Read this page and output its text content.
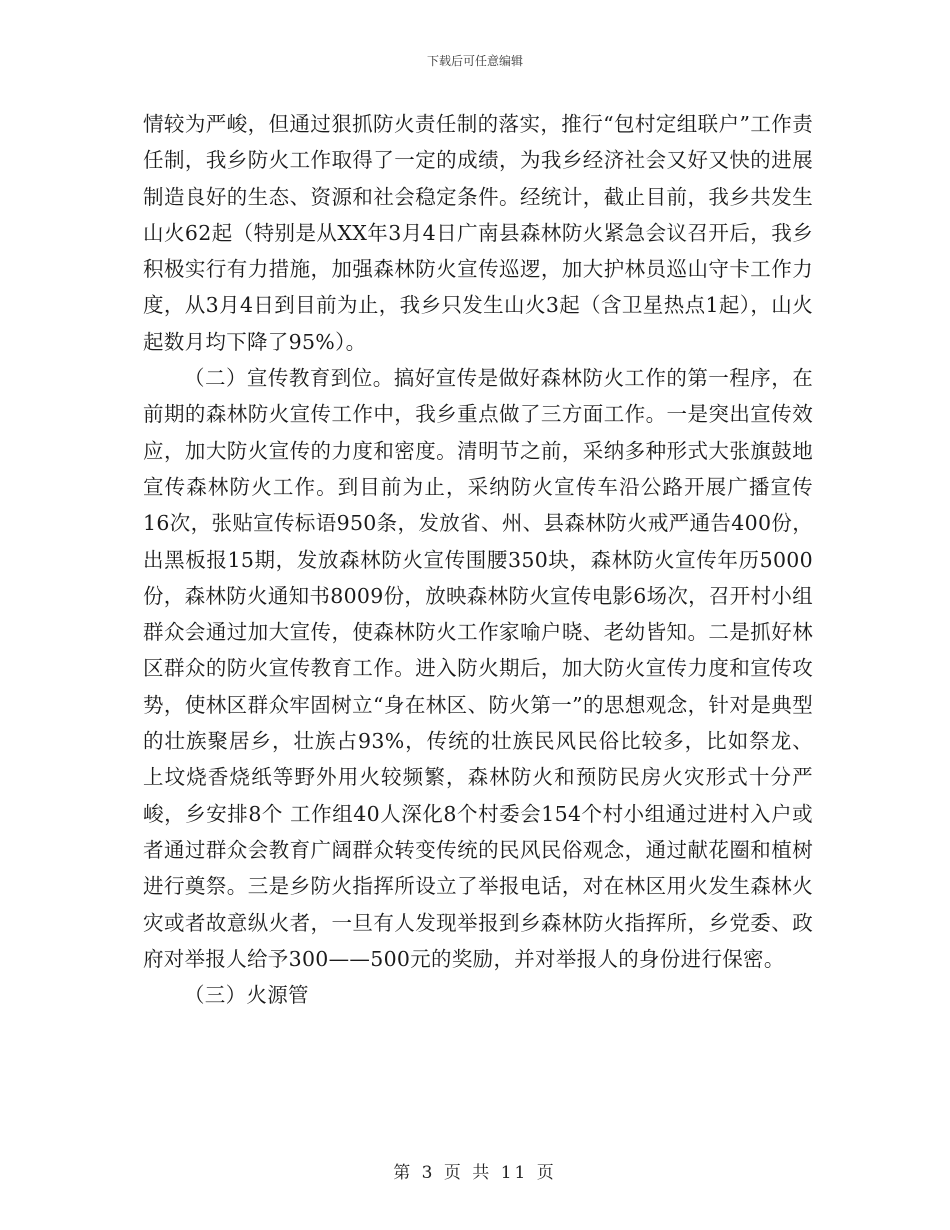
下载后可任意编辑

情较为严峻，但通过狠抓防火责任制的落实，推行“包村定组联户”工作责任制，我乡防火工作取得了一定的成绩，为我乡经济社会又好又快的进展制造良好的生态、资源和社会稳定条件。经统计，截止目前，我乡共发生山火62起（特别是从XX年3月4日广南县森林防火紧急会议召开后，我乡积极实行有力措施，加强森林防火宣传巡逻，加大护林员巡山守卡工作力度，从3月4日到目前为止，我乡只发生山火3起（含卫星热点1起），山火起数月均下降了95%）。

（二）宣传教育到位。搞好宣传是做好森林防火工作的第一程序，在前期的森林防火宣传工作中，我乡重点做了三方面工作。一是突出宣传效应，加大防火宣传的力度和密度。清明节之前，采纳多种形式大张旗鼓地宣传森林防火工作。到目前为止，采纳防火宣传车沿公路开展广播宣传16次，张贴宣传标语950条，发放省、州、县森林防火戒严通告400份，出黑板报15期，发放森林防火宣传围腰350块，森林防火宣传年历5000份，森林防火通知书8009份，放映森林防火宣传电影6场次，召开村小组群众会通过加大宣传，使森林防火工作家喻户晓、老幼皆知。二是抓好林区群众的防火宣传教育工作。进入防火期后，加大防火宣传力度和宣传攻势，使林区群众牢固树立“身在林区、防火第一”的思想观念，针对是典型的壮族聚居乡，壮族占93%，传统的壮族民风民俗比较多，比如祭龙、上坟烧香烧纸等野外用火较频繁，森林防火和预防民房火灾形式十分严峻，乡安排8个 工作组40人深化8个村委会154个村小组通过进村入户或者通过群众会教育广阔群众转变传统的民风民俗观念，通过献花圈和植树进行奠祭。三是乡防火指挥所设立了举报电话，对在林区用火发生森林火灾或者故意纵火者，一旦有人发现举报到乡森林防火指挥所，乡党委、政府对举报人给予300——500元的奖励，并对举报人的身份进行保密。

（三）火源管

第 3 页 共 11 页
